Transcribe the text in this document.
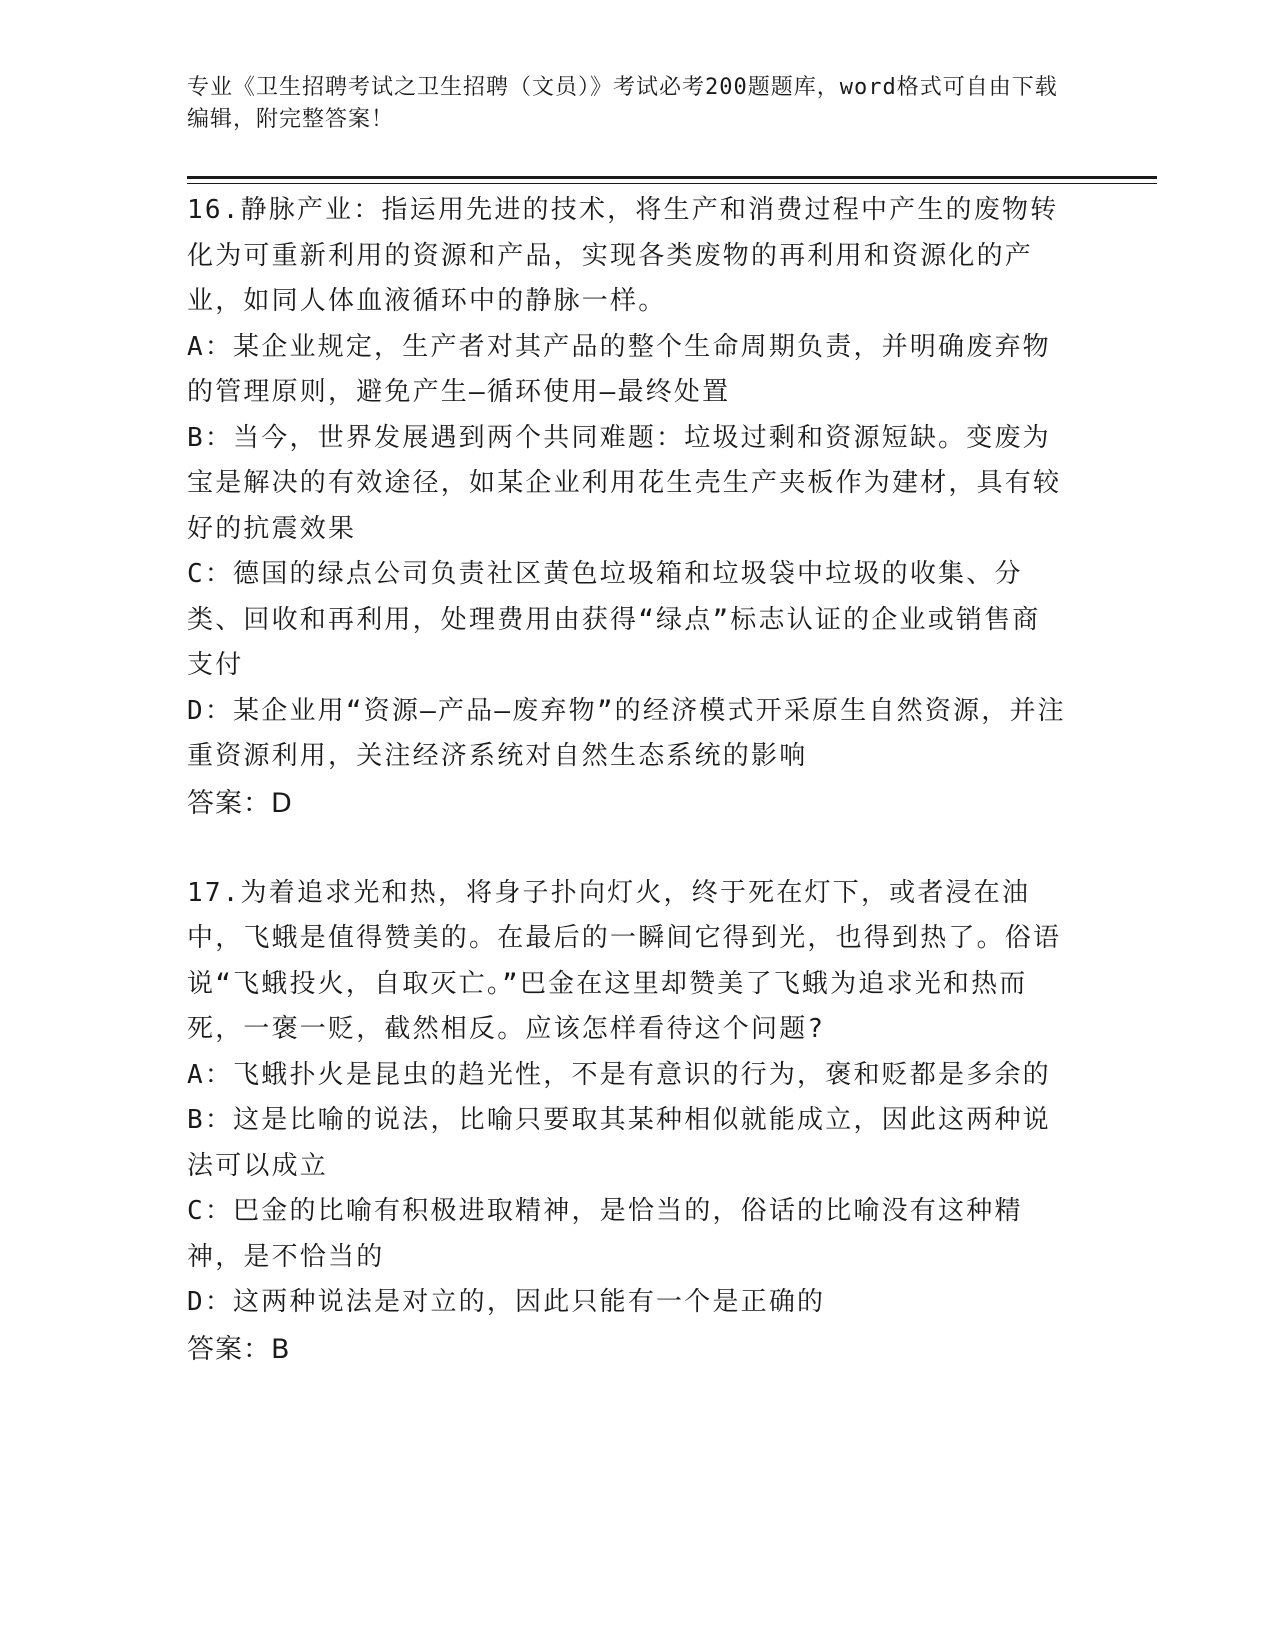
专业《卫生招聘考试之卫生招聘（文员）》考试必考200题题库，word格式可自由下载编辑，附完整答案！

16.静脉产业：指运用先进的技术，将生产和消费过程中产生的废物转化为可重新利用的资源和产品，实现各类废物的再利用和资源化的产业，如同人体血液循环中的静脉一样。

A：某企业规定，生产者对其产品的整个生命周期负责，并明确废弃物的管理原则，避免产生—循环使用—最终处置

B：当今，世界发展遇到两个共同难题：垃圾过剩和资源短缺。变废为宝是解决的有效途径，如某企业利用花生壳生产夹板作为建材，具有较好的抗震效果

C：德国的绿点公司负责社区黄色垃圾箱和垃圾袋中垃圾的收集、分类、回收和再利用，处理费用由获得“绿点”标志认证的企业或销售商支付

D：某企业用“资源—产品—废弃物”的经济模式开采原生自然资源，并注重资源利用，关注经济系统对自然生态系统的影响

答案：D

17.为着追求光和热，将身子扑向灯火，终于死在灯下，或者浸在油中，飞蛾是值得赞美的。在最后的一瞬间它得到光，也得到热了。俗语说“飞蛾投火，自取灭亡。”巴金在这里却赞美了飞蛾为追求光和热而死，一褒一贬，截然相反。应该怎样看待这个问题?

A：飞蛾扑火是昆虫的趋光性，不是有意识的行为，褒和贬都是多余的

B：这是比喻的说法，比喻只要取其某种相似就能成立，因此这两种说法可以成立

C：巴金的比喻有积极进取精神，是恰当的，俗话的比喻没有这种精神，是不恰当的

D：这两种说法是对立的，因此只能有一个是正确的

答案：B
